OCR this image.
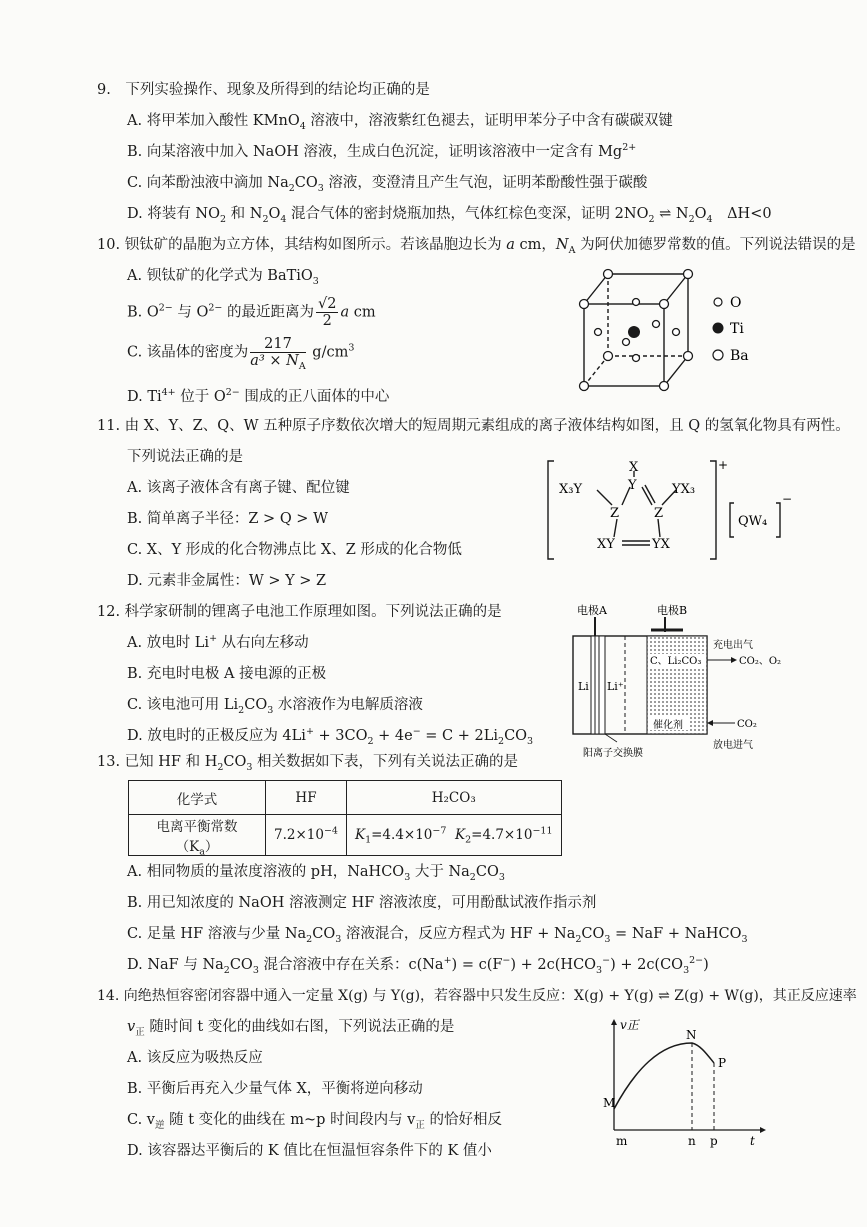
9.　下列实验操作、现象及所得到的结论均正确的是
A. 将甲苯加入酸性 KMnO$_4$ 溶液中，溶液紫红色褪去，证明甲苯分子中含有碳碳双键
B. 向某溶液中加入 NaOH 溶液，生成白色沉淀，证明该溶液中一定含有 $Mg^{2+}$
C. 向苯酚浊液中滴加 $Na_2CO_3$ 溶液，变澄清且产生气泡，证明苯酚酸性强于碳酸
D. 将装有 $NO_2$ 和 $N_2O_4$ 混合气体的密封烧瓶加热，气体红棕色变深，证明 $2NO_2$ ⇌ $N_2O_4$　ΔH<0
10. 钡钛矿的晶胞为立方体，其结构如图所示。若该晶胞边长为 a cm，$N_A$ 为阿伏加德罗常数的值。下列说法错误的是
A. 钡钛矿的化学式为 BaTiO$_3$
B. $O^{2-}$ 与 $O^{2-}$ 的最近距离为 $\frac{√2}{2}$ a cm
C. 该晶体的密度为 $\frac{217}{a^3 \times N_A} g/cm^3$
D. $Ti^{4+}$ 位于 $O^{2-}$ 围成的正八面体的中心
O
Ti
Ba
11. 由 X、Y、Z、Q、W 五种原子序数依次增大的短周期元素组成的离子液体结构如图，且 Q 的氢氧化物具有两性。
下列说法正确的是
A. 该离子液体含有离子键、配位键
B. 简单离子半径：Z > Q > W
C. X、Y 形成的化合物沸点比 X、Z 形成的化合物低
D. 元素非金属性：W > Y > Z
X
X₃Y	Y	YX₃
Z	Z
XY	YX
+
QW₄
−
12. 科学家研制的锂离子电池工作原理如图。下列说法正确的是
A. 放电时 Li+ 从右向左移动
B. 充电时电极 A 接电源的正极
C. 该电池可用 $Li_2CO_3$ 水溶液作为电解质溶液
D. 放电时的正极反应为 $4Li^+ + 3CO_2 + 4e^- = C + 2Li_2CO_3$
电极A	电极B
Li Li⁺
C、Li₂CO₃
催化剂
充电出气
CO₂、O₂
CO₂
放电进气
阳离子交换膜
13. 已知 HF 和 $H_2CO_3$ 相关数据如下表，下列有关说法正确的是
化学式	HF	H₂CO₃
电离平衡常数$(K_a)$	$7.2\times 10^{-4}$	$K_1=4.4\times 10^{-7}$ $K_2=4.7\times 10^{-11}$
A. 相同物质的量浓度溶液的 pH，NaHCO$_3$ 大于 $Na_2CO_3$
B. 用已知浓度的 NaOH 溶液测定 HF 溶液浓度，可用酚酞试液作指示剂
C. 足量 HF 溶液与少量 $Na_2CO_3$ 溶液混合，反应方程式为 HF + $Na_2CO_3$ = NaF + NaHCO$_3$
D. NaF 与 $Na_2CO_3$ 混合溶液中存在关系：$c(Na^+) = c(F^-) + 2c(HCO_3^-) + 2c(CO_3^{2-})$
14. 向绝热恒容密闭容器中通入一定量 X(g) 与 Y(g)，若容器中只发生反应：X(g) + Y(g) ⇌ Z(g) + W(g)，其正反应速率
$v_正$ 随时间 t 变化的曲线如右图，下列说法正确的是
A. 该反应为吸热反应
B. 平衡后再充入少量气体 X，平衡将逆向移动
C. $v_逆$ 随 t 变化的曲线在 m~p 时间段内与 $v_正$ 的恰好相反
D. 该容器达平衡后的 K 值比在恒温恒容条件下的 K 值小
v正
M
N
P
m	n p	t
